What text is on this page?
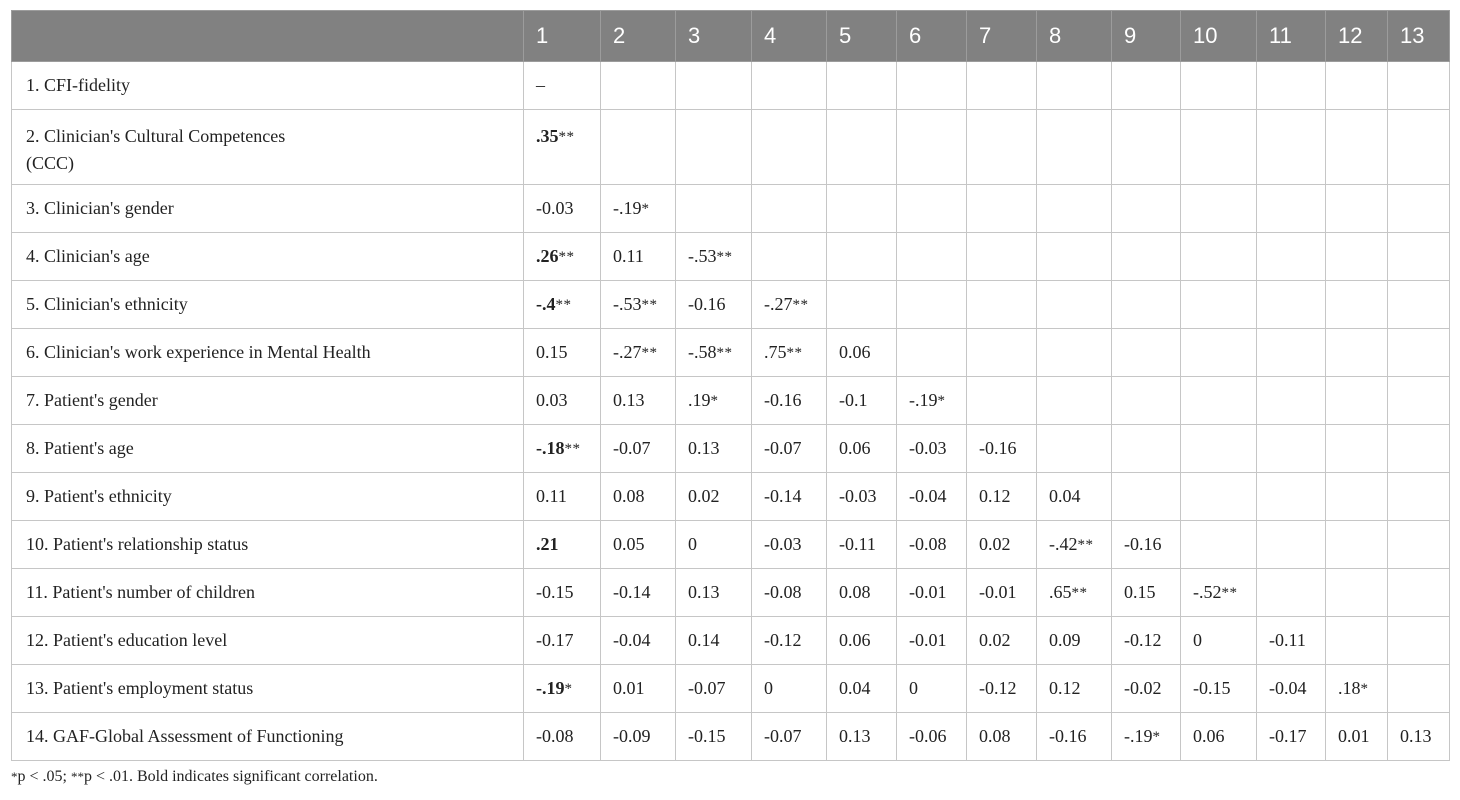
	1	2	3	4	5	6	7	8	9	10	11	12	13
1. CFI-fidelity	–												
2. Clinician's Cultural Competences (CCC)	.35**												
3. Clinician's gender	-0.03	-.19*											
4. Clinician's age	.26**	0.11	-.53**										
5. Clinician's ethnicity	-.4**	-.53**	-0.16	-.27**									
6. Clinician's work experience in Mental Health	0.15	-.27**	-.58**	.75**	0.06								
7. Patient's gender	0.03	0.13	.19*	-0.16	-0.1	-.19*							
8. Patient's age	-.18**	-0.07	0.13	-0.07	0.06	-0.03	-0.16						
9. Patient's ethnicity	0.11	0.08	0.02	-0.14	-0.03	-0.04	0.12	0.04					
10. Patient's relationship status	.21	0.05	0	-0.03	-0.11	-0.08	0.02	-.42**	-0.16				
11. Patient's number of children	-0.15	-0.14	0.13	-0.08	0.08	-0.01	-0.01	.65**	0.15	-.52**			
12. Patient's education level	-0.17	-0.04	0.14	-0.12	0.06	-0.01	0.02	0.09	-0.12	0	-0.11		
13. Patient's employment status	-.19*	0.01	-0.07	0	0.04	0	-0.12	0.12	-0.02	-0.15	-0.04	.18*	
14. GAF-Global Assessment of Functioning	-0.08	-0.09	-0.15	-0.07	0.13	-0.06	0.08	-0.16	-.19*	0.06	-0.17	0.01	0.13
*p < .05; **p < .01. Bold indicates significant correlation.
